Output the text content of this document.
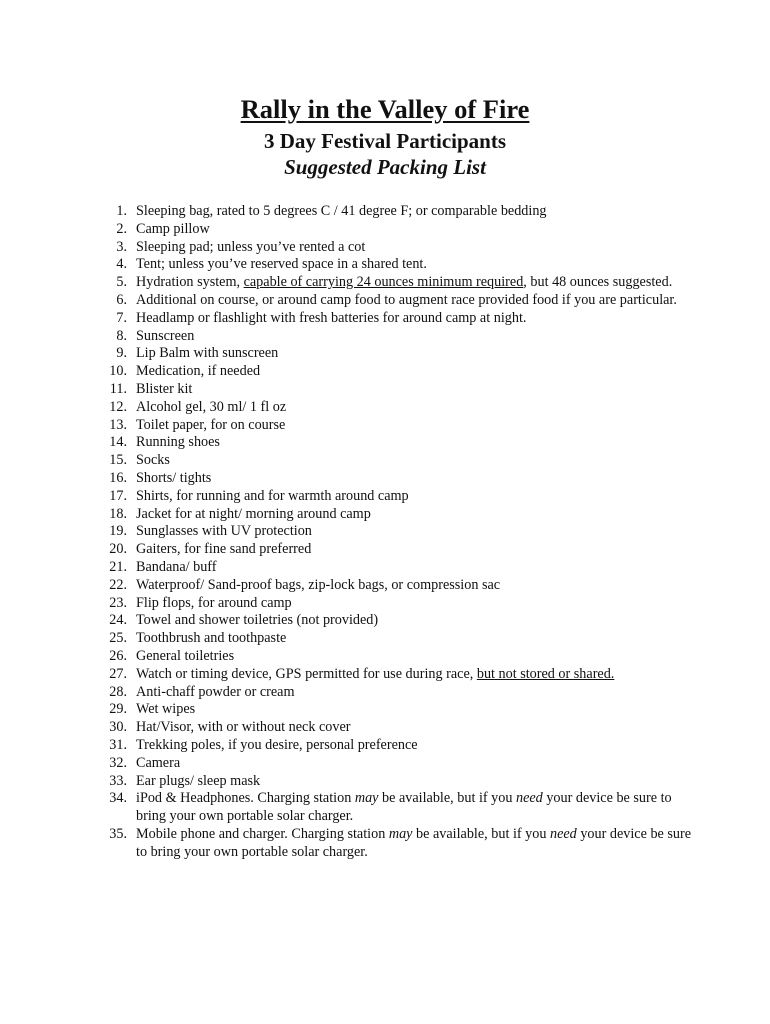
Rally in the Valley of Fire
3 Day Festival Participants
Suggested Packing List
1. Sleeping bag, rated to 5 degrees C / 41 degree F; or comparable bedding
2. Camp pillow
3. Sleeping pad; unless you’ve rented a cot
4. Tent; unless you’ve reserved space in a shared tent.
5. Hydration system, capable of carrying 24 ounces minimum required, but 48 ounces suggested.
6. Additional on course, or around camp food to augment race provided food if you are particular.
7. Headlamp or flashlight with fresh batteries for around camp at night.
8. Sunscreen
9. Lip Balm with sunscreen
10. Medication, if needed
11. Blister kit
12. Alcohol gel, 30 ml/ 1 fl oz
13. Toilet paper, for on course
14. Running shoes
15. Socks
16. Shorts/ tights
17. Shirts, for running and for warmth around camp
18. Jacket for at night/ morning around camp
19. Sunglasses with UV protection
20. Gaiters, for fine sand preferred
21. Bandana/ buff
22. Waterproof/ Sand-proof bags, zip-lock bags, or compression sac
23. Flip flops, for around camp
24. Towel and shower toiletries (not provided)
25. Toothbrush and toothpaste
26. General toiletries
27. Watch or timing device, GPS permitted for use during race, but not stored or shared.
28. Anti-chaff powder or cream
29. Wet wipes
30. Hat/Visor, with or without neck cover
31. Trekking poles, if you desire, personal preference
32. Camera
33. Ear plugs/ sleep mask
34. iPod & Headphones. Charging station may be available, but if you need your device be sure to bring your own portable solar charger.
35. Mobile phone and charger. Charging station may be available, but if you need your device be sure to bring your own portable solar charger.
